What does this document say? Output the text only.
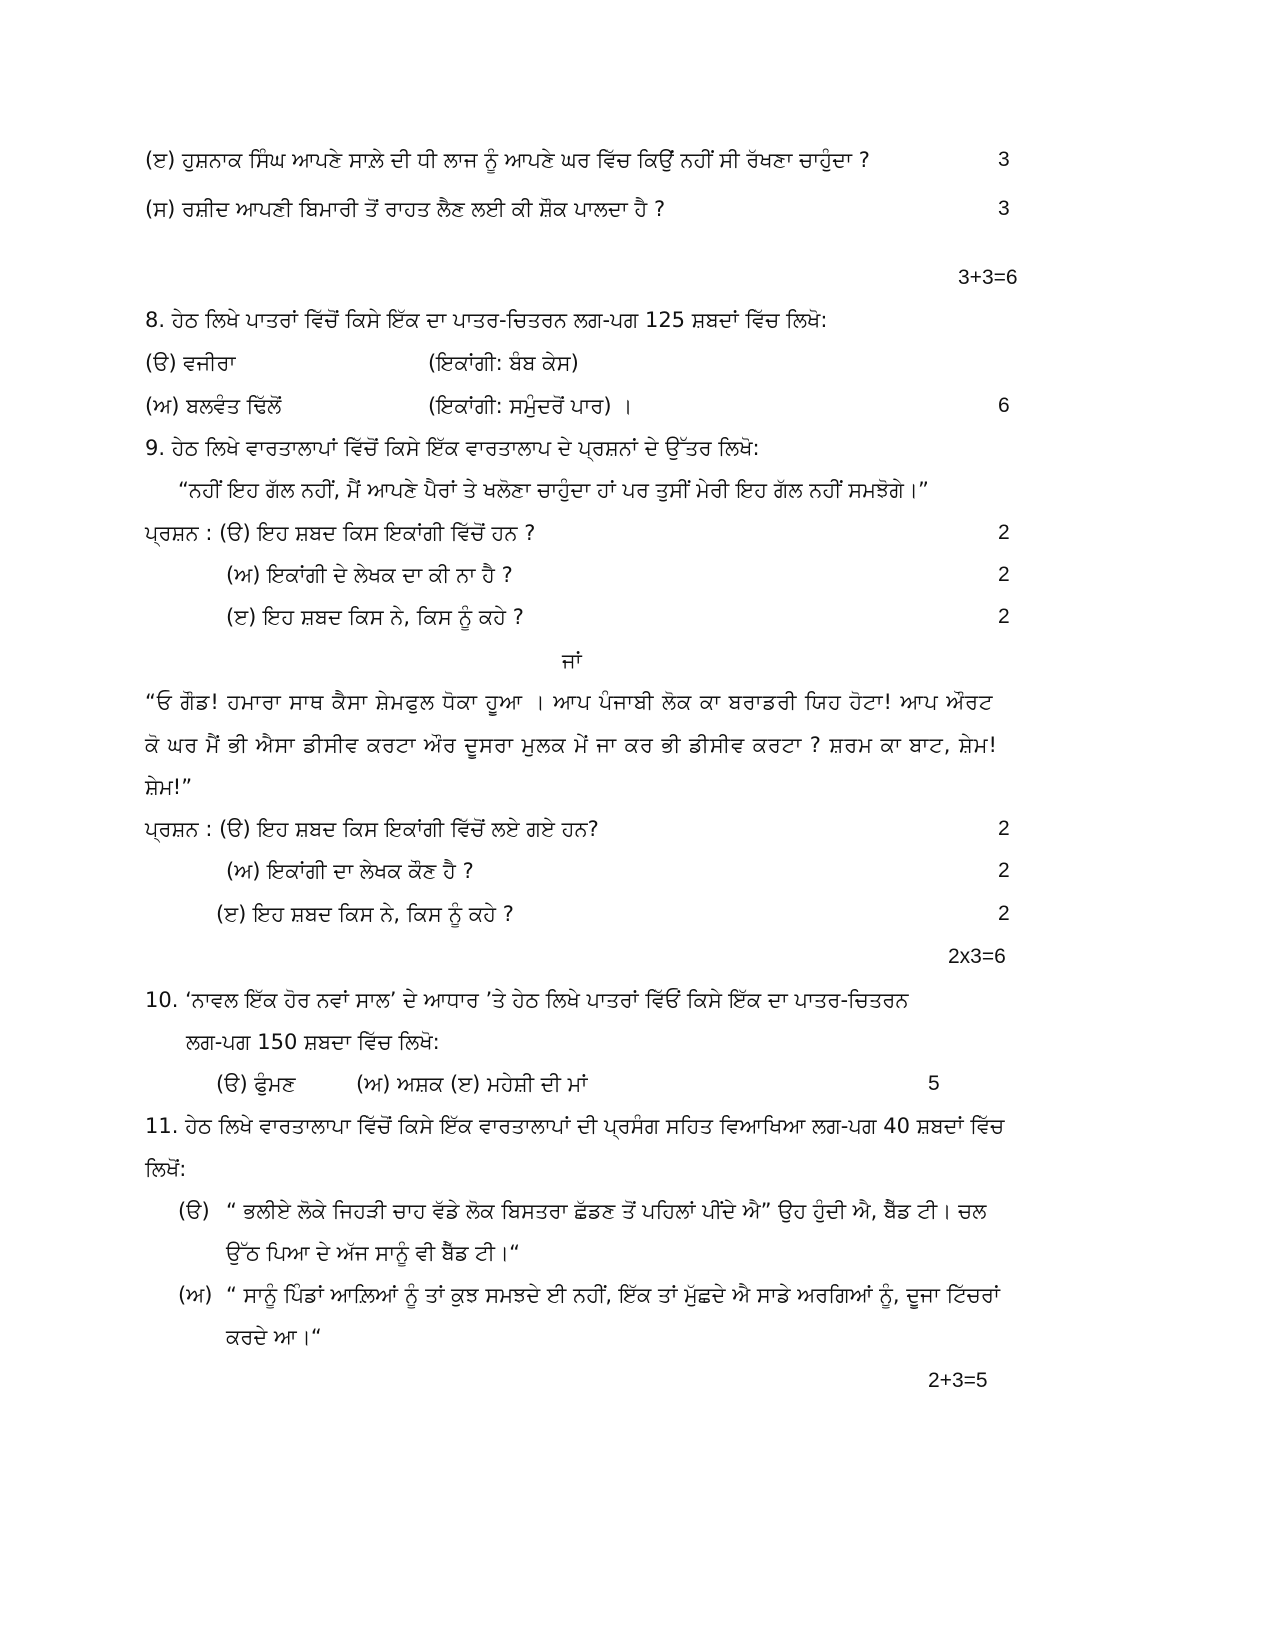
(ੲ) ਹੁਸ਼ਨਾਕ ਸਿੰਘ ਆਪਣੇ ਸਾਲ਼ੇ ਦੀ ਧੀ ਲਾਜ ਨੂੰ ਆਪਣੇ ਘਰ ਵਿੱਚ ਕਿਉਂ ਨਹੀਂ ਸੀ ਰੱਖਣਾ ਚਾਹੁੰਦਾ ?	3
(ਸ) ਰਸ਼ੀਦ ਆਪਣੀ ਬਿਮਾਰੀ ਤੋਂ ਰਾਹਤ ਲੈਣ ਲਈ ਕੀ ਸ਼ੌਕ ਪਾਲਦਾ ਹੈ ?	3
3+3=6
8. ਹੇਠ ਲਿਖੇ ਪਾਤਰਾਂ ਵਿੱਚੋਂ ਕਿਸੇ ਇੱਕ ਦਾ ਪਾਤਰ-ਚਿਤਰਨ ਲਗ-ਪਗ 125 ਸ਼ਬਦਾਂ ਵਿੱਚ ਲਿਖੋ:
(ੳ) ਵਜੀਰਾ	(ਇਕਾਂਗੀ: ਬੰਬ ਕੇਸ)
(ਅ) ਬਲਵੰਤ ਢਿੱਲੋਂ	(ਇਕਾਂਗੀ: ਸਮੁੰਦਰੋਂ ਪਾਰ) ।	6
9. ਹੇਠ ਲਿਖੇ ਵਾਰਤਾਲਾਪਾਂ ਵਿੱਚੋਂ ਕਿਸੇ ਇੱਕ ਵਾਰਤਾਲਾਪ ਦੇ ਪ੍ਰਸ਼ਨਾਂ ਦੇ ਉੱਤਰ ਲਿਖੋ:
“ਨਹੀਂ ਇਹ ਗੱਲ ਨਹੀਂ, ਮੈਂ ਆਪਣੇ ਪੈਰਾਂ ਤੇ ਖਲੋਣਾ ਚਾਹੁੰਦਾ ਹਾਂ ਪਰ ਤੁਸੀਂ ਮੇਰੀ ਇਹ ਗੱਲ ਨਹੀਂ ਸਮਝੋਗੇ।”
ਪ੍ਰਸ਼ਨ : (ੳ) ਇਹ ਸ਼ਬਦ ਕਿਸ ਇਕਾਂਗੀ ਵਿੱਚੋਂ ਹਨ ?	2
(ਅ) ਇਕਾਂਗੀ ਦੇ ਲੇਖਕ ਦਾ ਕੀ ਨਾ ਹੈ ?	2
(ੲ) ਇਹ ਸ਼ਬਦ ਕਿਸ ਨੇ, ਕਿਸ ਨੂੰ ਕਹੇ ?	2
ਜਾਂ
“ਓ ਗੌਡ! ਹਮਾਰਾ ਸਾਥ ਕੈਸਾ ਸ਼ੇਮਫੁਲ ਧੋਕਾ ਹੂਆ । ਆਪ ਪੰਜਾਬੀ ਲੋਕ ਕਾ ਬਰਾਡਰੀ ਯਿਹ ਹੋਟਾ! ਆਪ ਔਰਟ
ਕੋ ਘਰ ਮੈਂ ਭੀ ਐਸਾ ਡੀਸੀਵ ਕਰਟਾ ਔਰ ਦੂਸਰਾ ਮੁਲਕ ਮੇਂ ਜਾ ਕਰ ਭੀ ਡੀਸੀਵ ਕਰਟਾ ? ਸ਼ਰਮ ਕਾ ਬਾਟ, ਸ਼ੇਮ!
ਸ਼ੇਮ!”
ਪ੍ਰਸ਼ਨ : (ੳ) ਇਹ ਸ਼ਬਦ ਕਿਸ ਇਕਾਂਗੀ ਵਿੱਚੋਂ ਲਏ ਗਏ ਹਨ?	2
(ਅ) ਇਕਾਂਗੀ ਦਾ ਲੇਖਕ ਕੌਣ ਹੈ ?	2
(ੲ) ਇਹ ਸ਼ਬਦ ਕਿਸ ਨੇ, ਕਿਸ ਨੂੰ ਕਹੇ ?	2
2x3=6
10. ‘ਨਾਵਲ ਇੱਕ ਹੋਰ ਨਵਾਂ ਸਾਲ’ ਦੇ ਆਧਾਰ ’ਤੇ ਹੇਠ ਲਿਖੇ ਪਾਤਰਾਂ ਵਿੱਓਂ ਕਿਸੇ ਇੱਕ ਦਾ ਪਾਤਰ-ਚਿਤਰਨ
ਲਗ-ਪਗ 150 ਸ਼ਬਦਾ ਵਿੱਚ ਲਿਖੋ:
(ੳ) ਫੁੰਮਣ	(ਅ) ਅਸ਼ਕ (ੲ) ਮਹੇਸ਼ੀ ਦੀ ਮਾਂ	5
11. ਹੇਠ ਲਿਖੇ ਵਾਰਤਾਲਾਪਾ ਵਿੱਚੋਂ ਕਿਸੇ ਇੱਕ ਵਾਰਤਾਲਾਪਾਂ ਦੀ ਪ੍ਰਸੰਗ ਸਹਿਤ ਵਿਆਖਿਆ ਲਗ-ਪਗ 40 ਸ਼ਬਦਾਂ ਵਿੱਚ
ਲਿਖੋਂ:
(ੳ) “ ਭਲੀਏ ਲੋਕੇ ਜਿਹੜੀ ਚਾਹ ਵੱਡੇ ਲੋਕ ਬਿਸਤਰਾ ਛੱਡਣ ਤੋਂ ਪਹਿਲਾਂ ਪੀਂਦੇ ਐ” ਉਹ ਹੁੰਦੀ ਐ, ਬੈੱਡ ਟੀ। ਚਲ
ਉੱਠ ਪਿਆ ਦੇ ਅੱਜ ਸਾਨੂੰ ਵੀ ਬੈੱਡ ਟੀ।“
(ਅ) “ ਸਾਨੂੰ ਪਿੰਡਾਂ ਆਲ਼ਿਆਂ ਨੂੰ ਤਾਂ ਕੁਝ ਸਮਝਦੇ ਈ ਨਹੀਂ, ਇੱਕ ਤਾਂ ਮੁੱਛਦੇ ਐ ਸਾਡੇ ਅਰਗਿਆਂ ਨੂੰ, ਦੂਜਾ ਟਿੱਚਰਾਂ
ਕਰਦੇ ਆ।“
2+3=5
